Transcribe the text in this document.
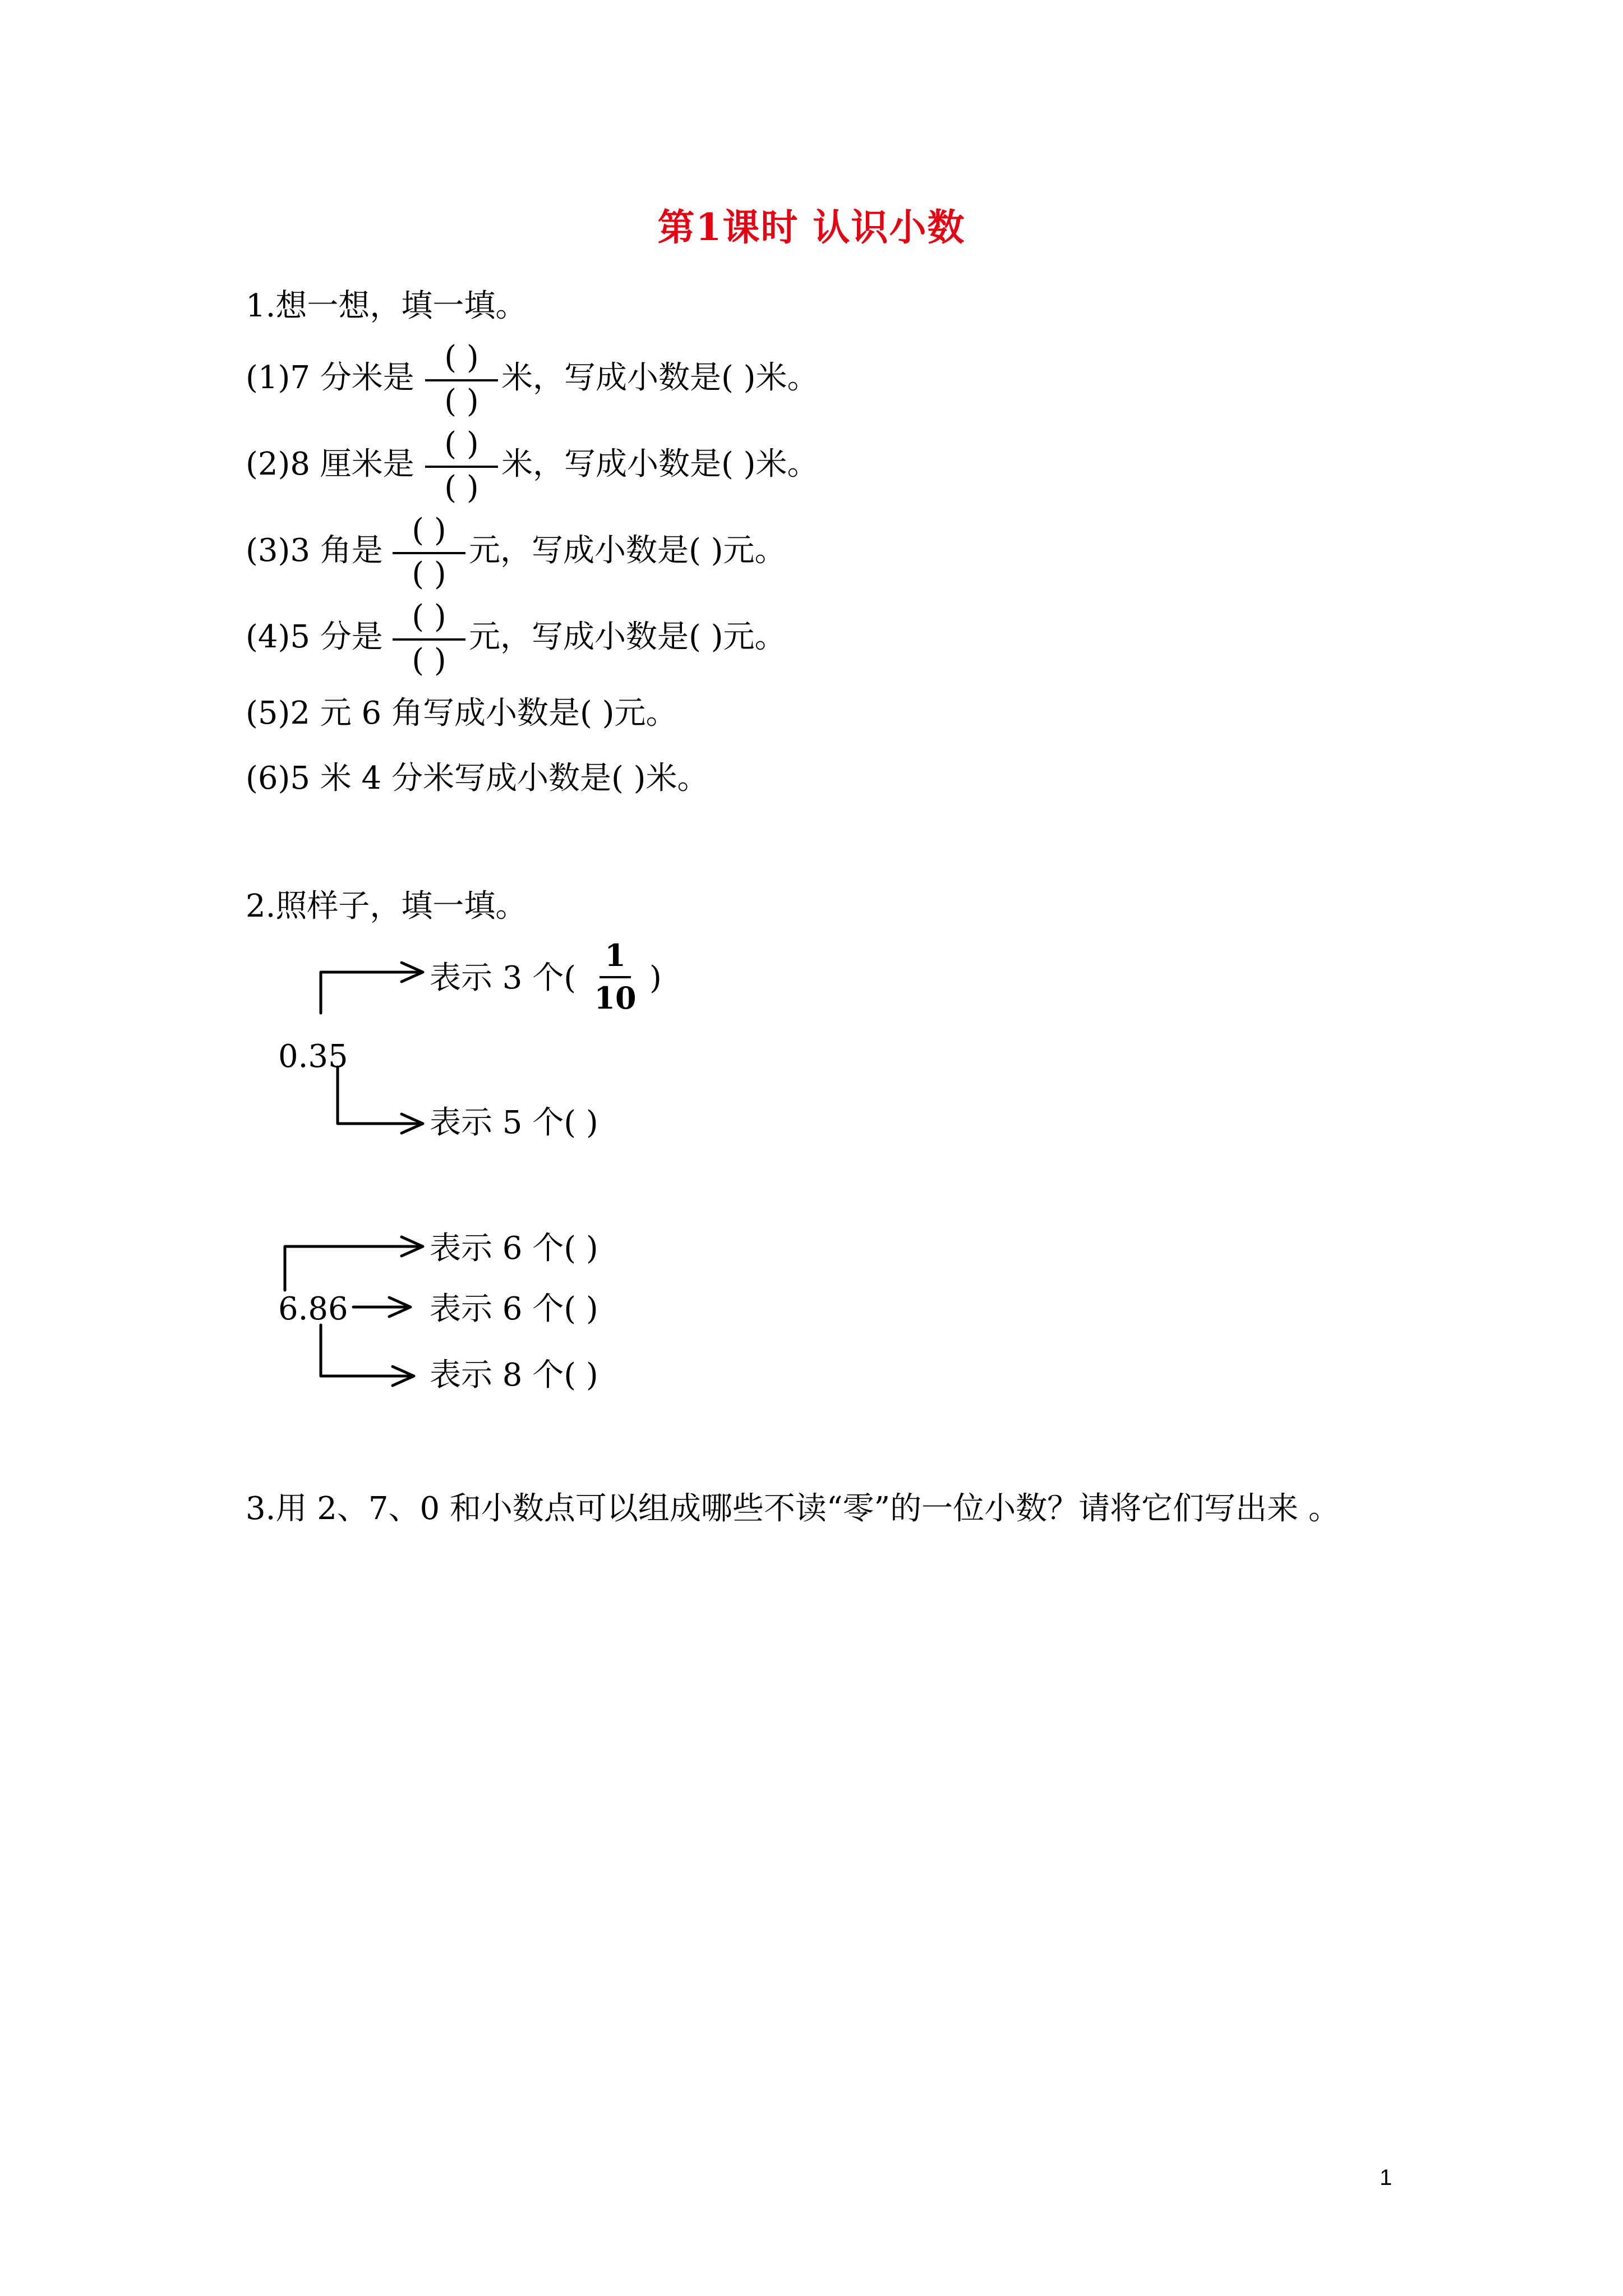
第1课时 认识小数
1.想一想，填一填。
(1)7 分米是
( )
( )
米，写成小数是( )米。
(2)8 厘米是
( )
( )
米，写成小数是( )米。
(3)3 角是
( )
( )
元，写成小数是( )元。
(4)5 分是
( )
( )
元，写成小数是( )元。
(5)2 元 6 角写成小数是( )元。
(6)5 米 4 分米写成小数是( )米。
2.照样子，填一填。
表示 3 个(
1
10
)
0.35
表示 5 个( )
表示 6 个( )
6.86	表示 6 个( )
表示 8 个( )
3.用 2、7、0 和小数点可以组成哪些不读“零”的一位小数？请将它们写出来 。
1
